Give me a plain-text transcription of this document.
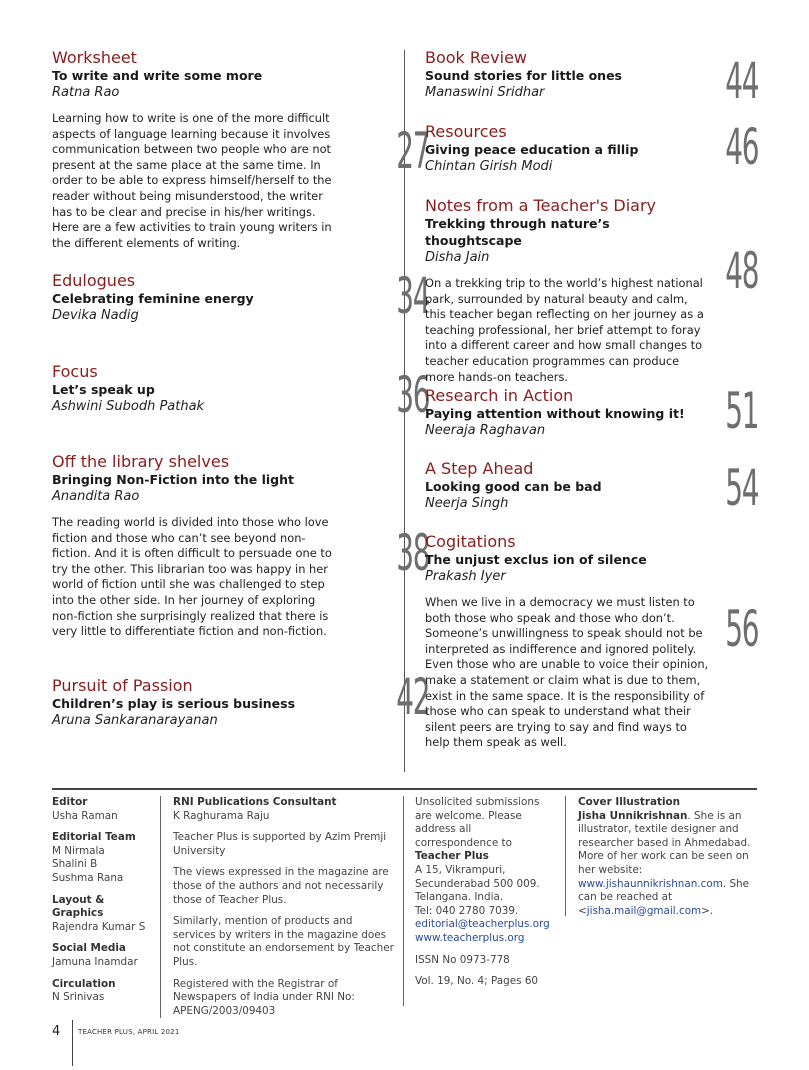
Worksheet
To write and write some more
Ratna Rao
Learning how to write is one of the more difficult aspects of language learning because it involves communication between two people who are not present at the same place at the same time. In order to be able to express himself/herself to the reader without being misunderstood, the writer has to be clear and precise in his/her writings. Here are a few activities to train young writers in the different elements of writing.
27
Edulogues
Celebrating feminine energy
Devika Nadig	34
Focus
Let’s speak up
Ashwini Subodh Pathak	36
Off the library shelves
Bringing Non-Fiction into the light
Anandita Rao
The reading world is divided into those who love fiction and those who can’t see beyond non-fiction. And it is often difficult to persuade one to try the other. This librarian too was happy in her world of fiction until she was challenged to step into the other side. In her journey of exploring non-fiction she surprisingly realized that there is very little to differentiate fiction and non-fiction.
38
Pursuit of Passion
Children’s play is serious business
Aruna Sankaranarayanan	42
Book Review
Sound stories for little ones
Manaswini Sridhar	44
Resources
Giving peace education a fillip
Chintan Girish Modi	46
Notes from a Teacher's Diary
Trekking through nature’s thoughtscape
Disha Jain
On a trekking trip to the world’s highest national park, surrounded by natural beauty and calm, this teacher began reflecting on her journey as a teaching professional, her brief attempt to foray into a different career and how small changes to teacher education programmes can produce more hands-on teachers.
48
Research in Action
Paying attention without knowing it!
Neeraja Raghavan	51
A Step Ahead
Looking good can be bad
Neerja Singh	54
Cogitations
The unjust exclus ion of silence
Prakash Iyer
When we live in a democracy we must listen to both those who speak and those who don’t. Someone’s unwillingness to speak should not be interpreted as indifference and ignored politely. Even those who are unable to voice their opinion, make a statement or claim what is due to them, exist in the same space. It is the responsibility of those who can speak to understand what their silent peers are trying to say and find ways to help them speak as well.
56
Editor
Usha Raman
Editorial Team
M Nirmala
Shalini B
Sushma Rana
Layout & Graphics
Rajendra Kumar S
Social Media
Jamuna Inamdar
Circulation
N Srinivas
RNI Publications Consultant
K Raghurama Raju
Teacher Plus is supported by Azim Premji University
The views expressed in the magazine are those of the authors and not necessarily those of Teacher Plus.
Similarly, mention of products and services by writers in the magazine does not constitute an endorsement by Teacher Plus.
Registered with the Registrar of Newspapers of India under RNI No: APENG/2003/09403
Unsolicited submissions are welcome. Please address all correspondence to
Teacher Plus
A 15, Vikrampuri,
Secunderabad 500 009.
Telangana. India.
Tel: 040 2780 7039.
editorial@teacherplus.org
www.teacherplus.org
ISSN No 0973-778
Vol. 19, No. 4; Pages 60
Cover Illustration
Jisha Unnikrishnan. She is an illustrator, textile designer and researcher based in Ahmedabad. More of her work can be seen on her website: www.jishaunnikrishnan.com. She can be reached at <jisha.mail@gmail.com>.
4	TEACHER PLUS, APRIL 2021
